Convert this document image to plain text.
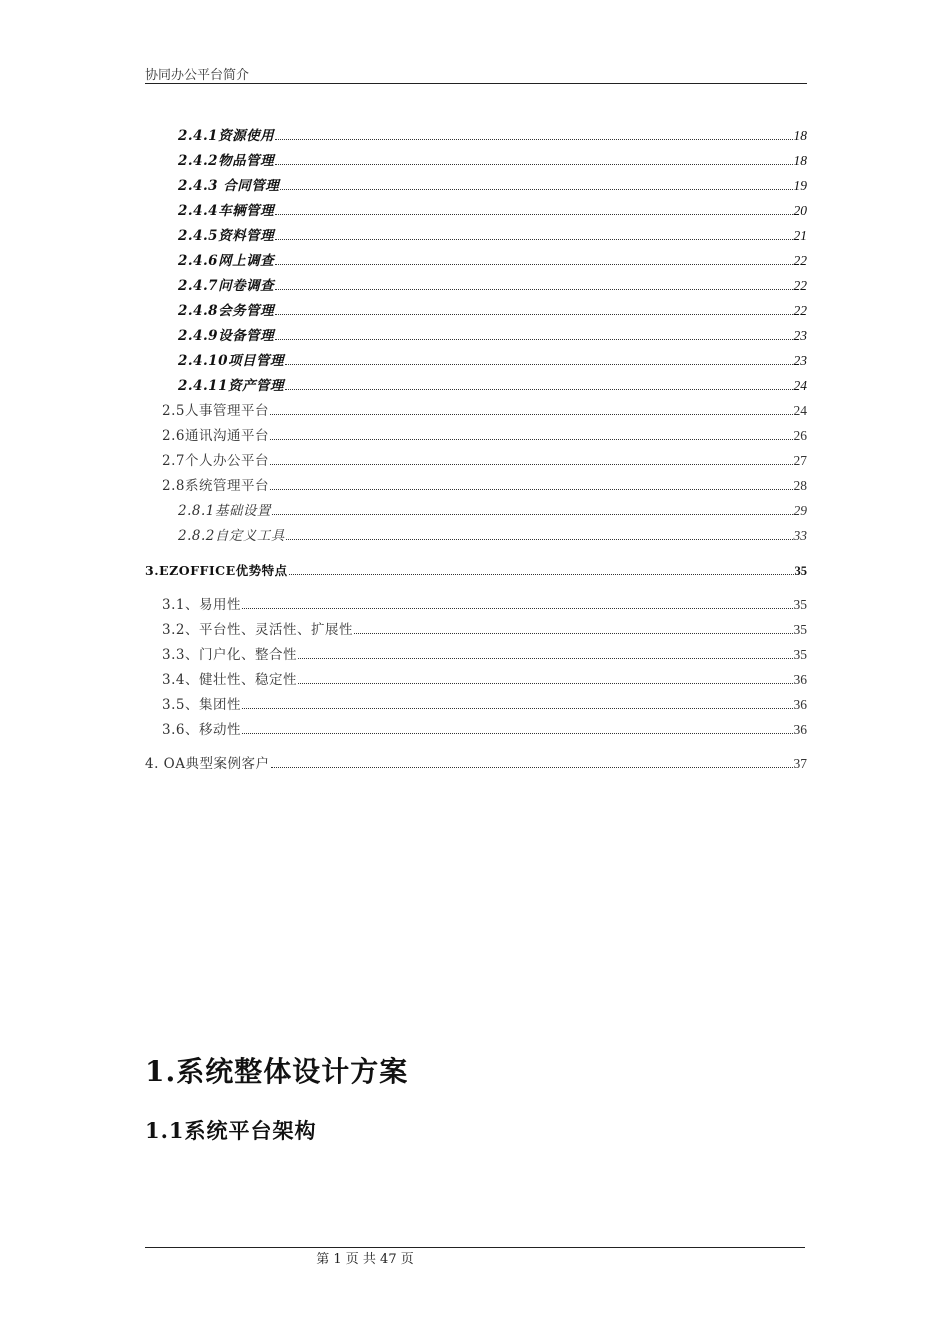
协同办公平台简介
2.4.1资源使用	18
2.4.2物品管理	18
2.4.3 合同管理	19
2.4.4车辆管理	20
2.4.5资料管理	21
2.4.6网上调查	22
2.4.7问卷调查	22
2.4.8会务管理	22
2.4.9设备管理	23
2.4.10项目管理	23
2.4.11资产管理	24
2.5人事管理平台	24
2.6通讯沟通平台	26
2.7个人办公平台	27
2.8系统管理平台	28
2.8.1基础设置	29
2.8.2自定义工具	33
3.EZOFFICE优势特点	35
3.1、易用性	35
3.2、平台性、灵活性、扩展性	35
3.3、门户化、整合性	35
3.4、健壮性、稳定性	36
3.5、集团性	36
3.6、移动性	36
4. OA典型案例客户	37
1.系统整体设计方案
1.1系统平台架构
第 1 页 共 47 页
